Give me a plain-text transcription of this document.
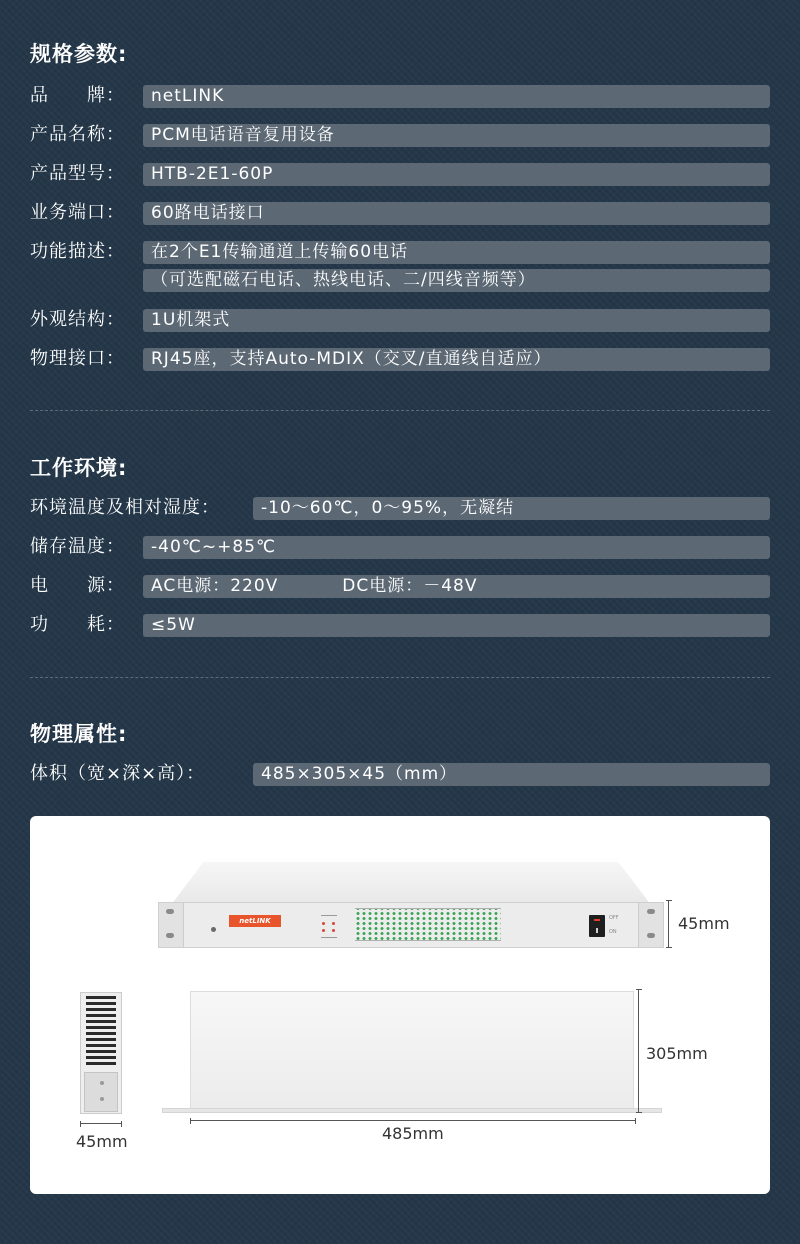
规格参数:
品　　牌：	netLINK
产品名称：	PCM电话语音复用设备
产品型号：	HTB-2E1-60P
业务端口：	60路电话接口
功能描述：	在2个E1传输通道上传输60电话
（可选配磁石电话、热线电话、二/四线音频等）
外观结构：	1U机架式
物理接口：	RJ45座，支持Auto-MDIX（交叉/直通线自适应）
工作环境:
环境温度及相对湿度：	-10～60℃，0～95%，无凝结
储存温度：	-40℃~+85℃
电　　源：	AC电源：220V	DC电源：－48V
功　　耗：	≤5W
物理属性:
体积（宽×深×高）：	485×305×45（mm）
netLINK	OFF
ON	45mm
45mm
305mm
485mm
